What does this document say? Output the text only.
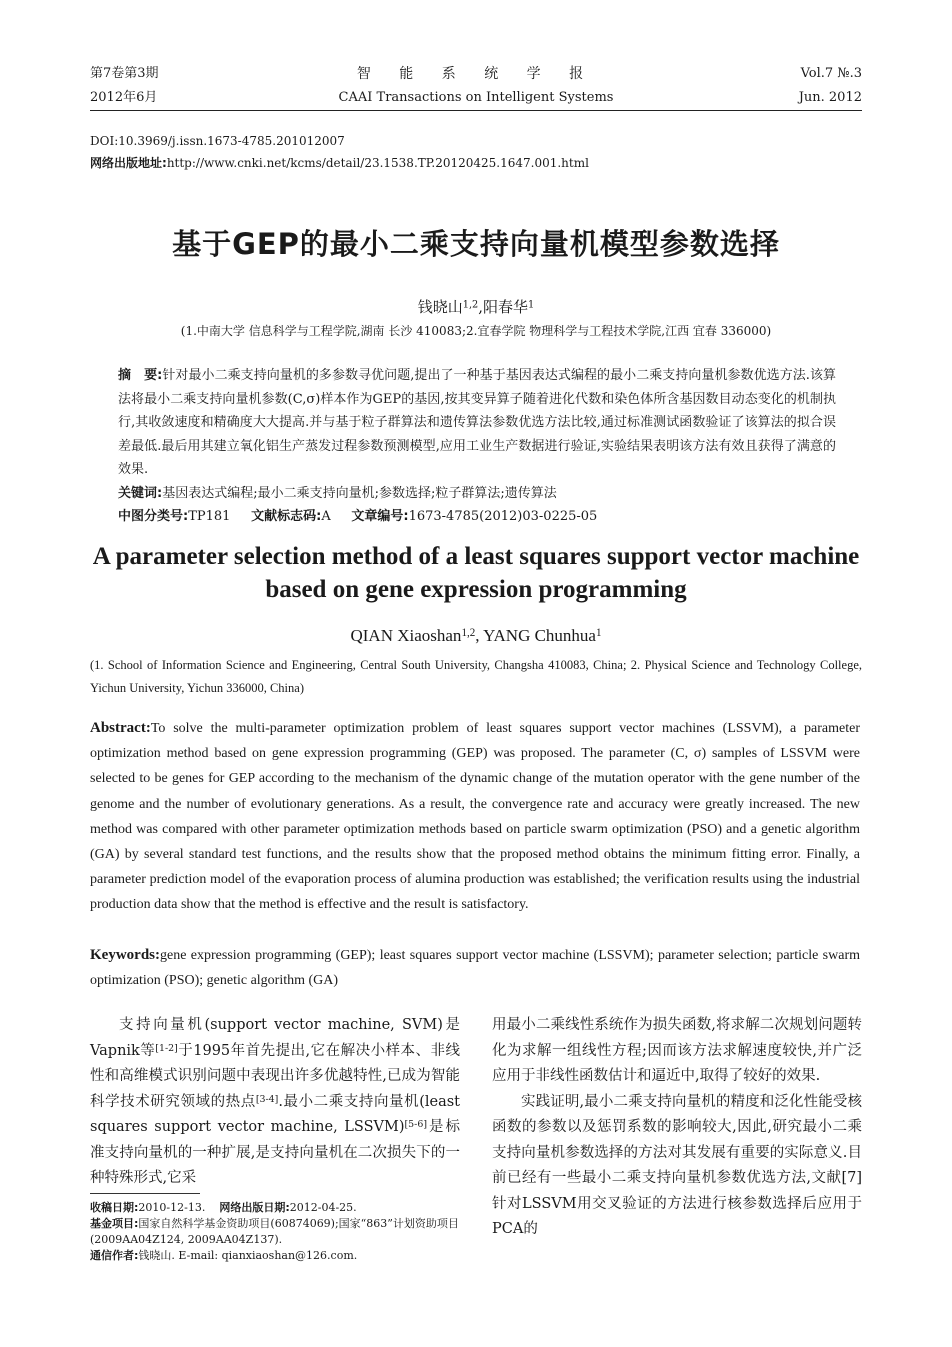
第7卷第3期
2012年6月
智 能 系 统 学 报
CAAI Transactions on Intelligent Systems
Vol.7 №.3
Jun. 2012
DOI:10.3969/j.issn.1673-4785.201012007
网络出版地址:http://www.cnki.net/kcms/detail/23.1538.TP.20120425.1647.001.html
基于GEP的最小二乘支持向量机模型参数选择
钱晓山$^{1,2}$,阳春华$^1$
(1.中南大学 信息科学与工程学院,湖南 长沙 410083;2.宜春学院 物理科学与工程技术学院,江西 宜春 336000)
摘　要:针对最小二乘支持向量机的多参数寻优问题,提出了一种基于基因表达式编程的最小二乘支持向量机参数优选方法.该算法将最小二乘支持向量机参数(C,σ)样本作为GEP的基因,按其变异算子随着进化代数和染色体所含基因数目动态变化的机制执行,其收敛速度和精确度大大提高.并与基于粒子群算法和遗传算法参数优选方法比较,通过标准测试函数验证了该算法的拟合误差最低.最后用其建立氧化铝生产蒸发过程参数预测模型,应用工业生产数据进行验证,实验结果表明该方法有效且获得了满意的效果.
关键词:基因表达式编程;最小二乘支持向量机;参数选择;粒子群算法;遗传算法
中图分类号:TP181 文献标志码:A 文章编号:1673-4785(2012)03-0225-05
A parameter selection method of a least squares support vector machine based on gene expression programming
QIAN Xiaoshan$^{1,2}$, YANG Chunhua$^1$
(1. School of Information Science and Engineering, Central South University, Changsha 410083, China; 2. Physical Science and Technology College, Yichun University, Yichun 336000, China)
Abstract:To solve the multi-parameter optimization problem of least squares support vector machines (LSSVM), a parameter optimization method based on gene expression programming (GEP) was proposed. The parameter (C, σ) samples of LSSVM were selected to be genes for GEP according to the mechanism of the dynamic change of the mutation operator with the gene number of the genome and the number of evolutionary generations. As a result, the convergence rate and accuracy were greatly increased. The new method was compared with other parameter optimization methods based on particle swarm optimization (PSO) and a genetic algorithm (GA) by several standard test functions, and the results show that the proposed method obtains the minimum fitting error. Finally, a parameter prediction model of the evaporation process of alumina production was established; the verification results using the industrial production data show that the method is effective and the result is satisfactory.
Keywords:gene expression programming (GEP); least squares support vector machine (LSSVM); parameter selection; particle swarm optimization (PSO); genetic algorithm (GA)

支持向量机(support vector machine, SVM)是Vapnik等[1-2]于1995年首先提出,它在解决小样本、非线性和高维模式识别问题中表现出许多优越特性,已成为智能科学技术研究领域的热点[3-4].最小二乘支持向量机(least squares support vector machine, LSSVM)[5-6]是标准支持向量机的一种扩展,是支持向量机在二次损失下的一种特殊形式,它采

用最小二乘线性系统作为损失函数,将求解二次规划问题转化为求解一组线性方程;因而该方法求解速度较快,并广泛应用于非线性函数估计和逼近中,取得了较好的效果.

实践证明,最小二乘支持向量机的精度和泛化性能受核函数的参数以及惩罚系数的影响较大,因此,研究最小二乘支持向量机参数选择的方法对其发展有重要的实际意义.目前已经有一些最小二乘支持向量机参数优选方法,文献[7]针对LSSVM用交叉验证的方法进行核参数选择后应用于PCA的

收稿日期:2010-12-13. 网络出版日期:2012-04-25.
基金项目:国家自然科学基金资助项目(60874069);国家“863”计划资助项目(2009AA04Z124, 2009AA04Z137).
通信作者:钱晓山. E-mail: qianxiaoshan@126.com.
